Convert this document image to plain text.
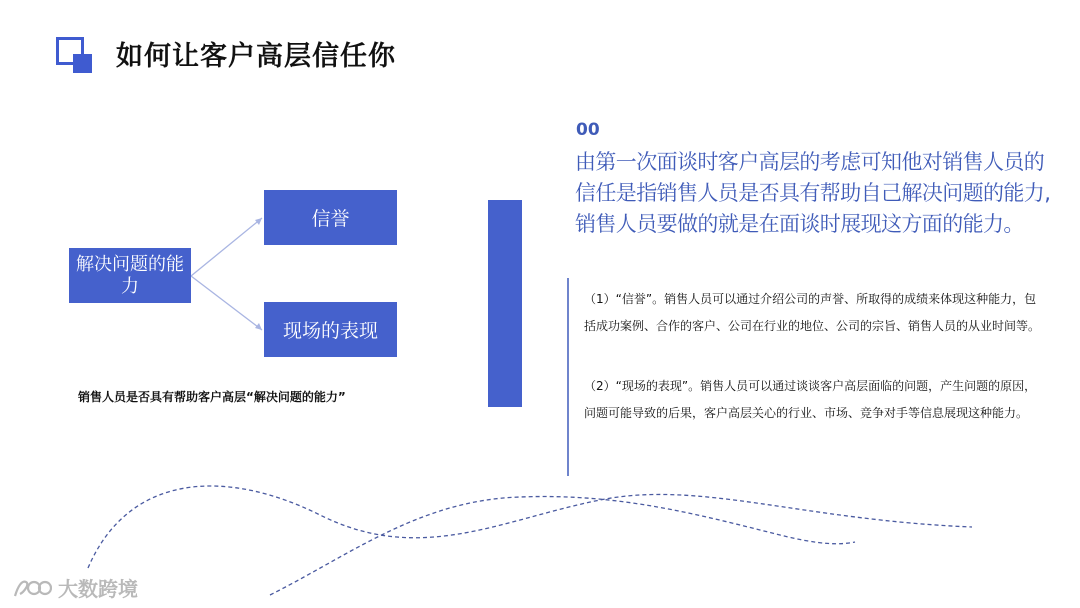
如何让客户高层信任你
解决问题的能力
信誉
现场的表现
销售人员是否具有帮助客户高层“解决问题的能力”
00
由第一次面谈时客户高层的考虑可知他对销售人员的
信任是指销售人员是否具有帮助自己解决问题的能力,
销售人员要做的就是在面谈时展现这方面的能力。
（1）“信誉”。销售人员可以通过介绍公司的声誉、所取得的成绩来体现这种能力，包括成功案例、合作的客户、公司在行业的地位、公司的宗旨、销售人员的从业时间等。
（2）“现场的表现”。销售人员可以通过谈谈客户高层面临的问题，产生问题的原因，问题可能导致的后果，客户高层关心的行业、市场、竞争对手等信息展现这种能力。
大数跨境
